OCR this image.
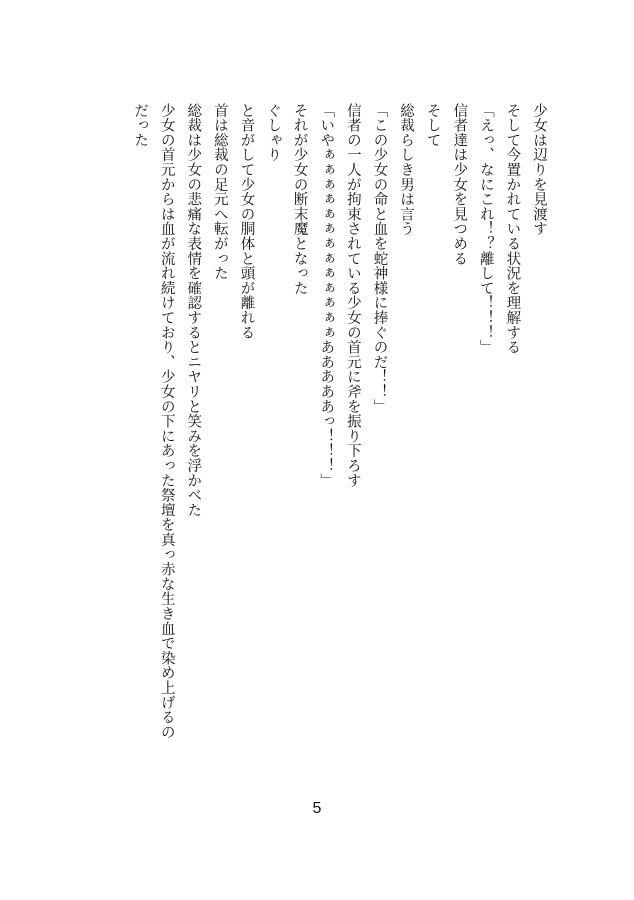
少女は辺りを見渡す
そして今置かれている状況を理解する
「えっ、なにこれ！？離して！！！」
信者達は少女を見つめる
そして
総裁らしき男は言う
「この少女の命と血を蛇神様に捧ぐのだ！！」
信者の一人が拘束されている少女の首元に斧を振り下ろす
「いやぁぁぁぁぁぁぁぁぁぁぁぁぁあああああっ！！！」
それが少女の断末魔となった
ぐしゃり
と音がして少女の胴体と頭が離れる
首は総裁の足元へ転がった
総裁は少女の悲痛な表情を確認するとニヤリと笑みを浮かべた
少女の首元からは血が流れ続けており、少女の下にあった祭壇を真っ赤な生き血で染め上げるの
だった
5
